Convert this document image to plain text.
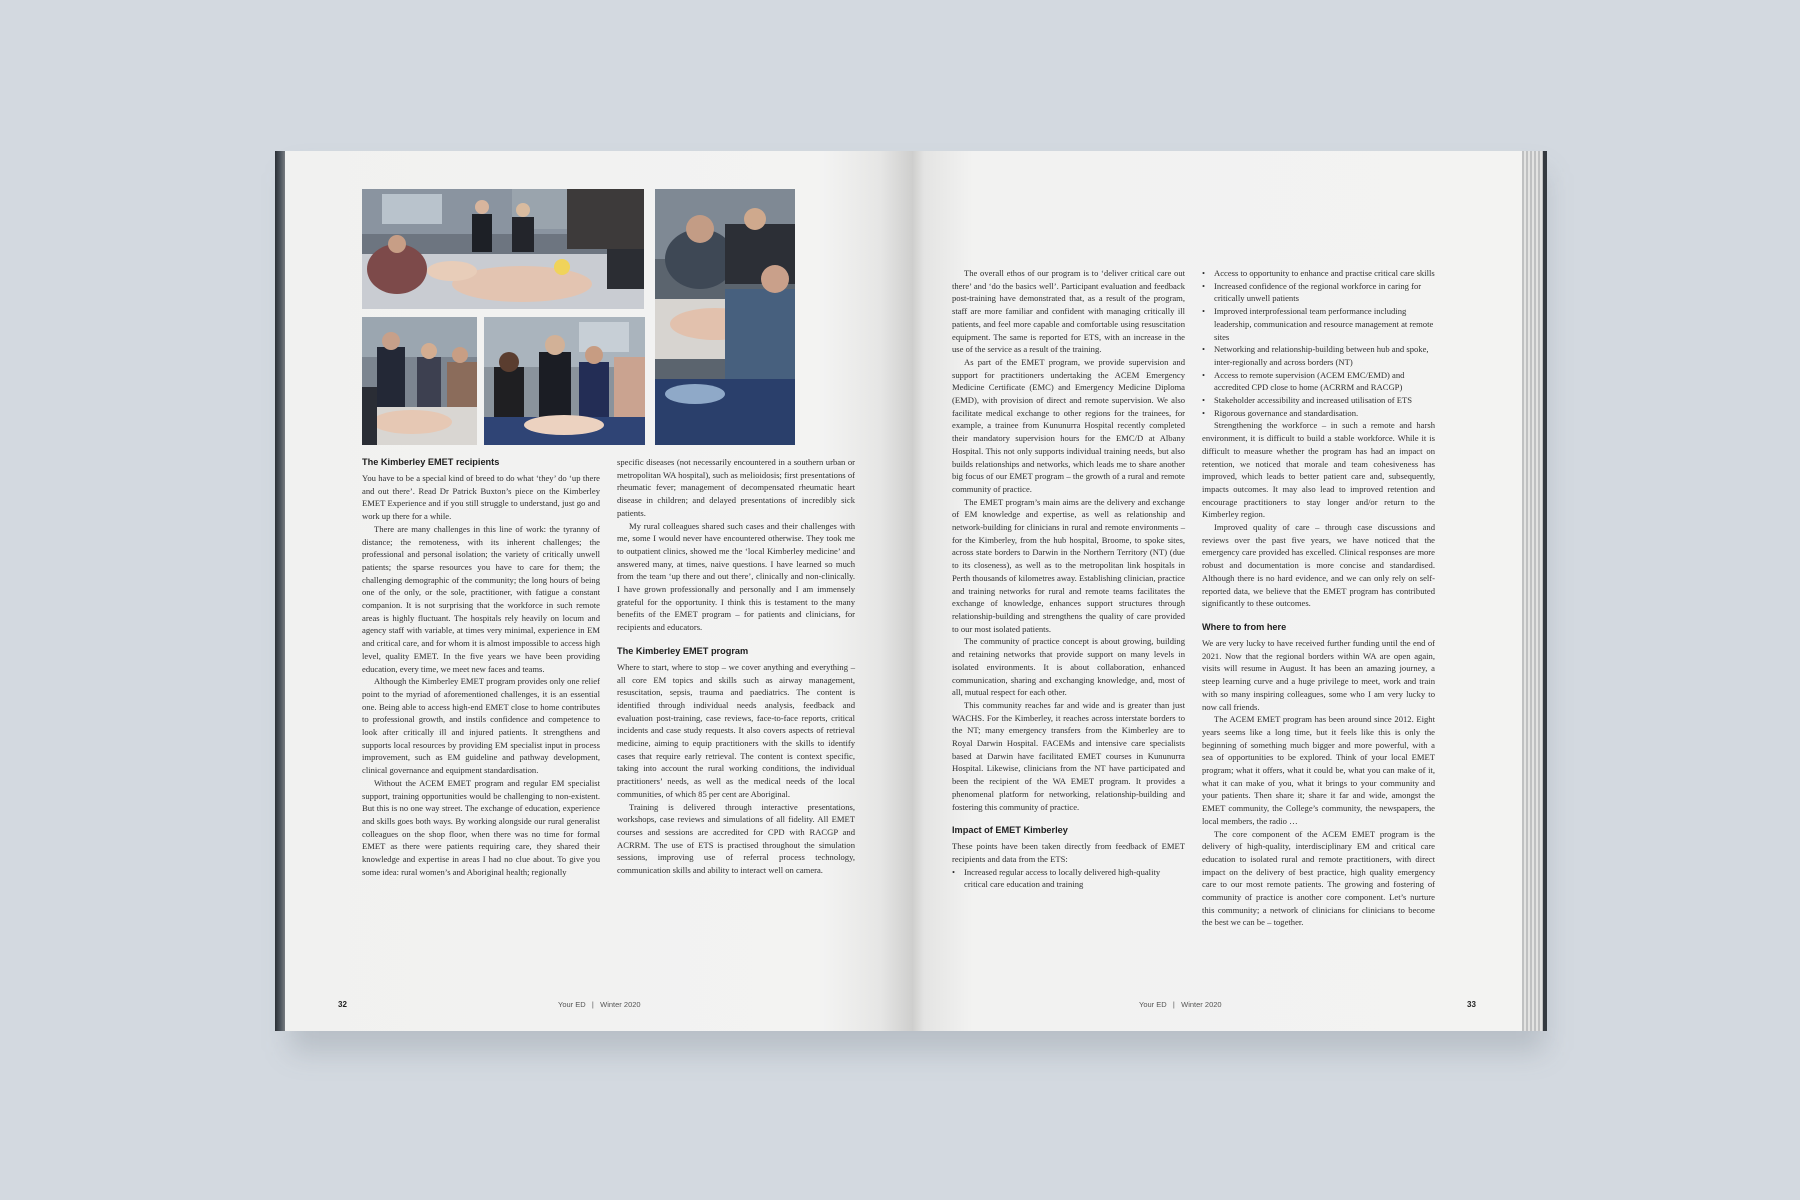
The Kimberley EMET recipients

You have to be a special kind of breed to do what ‘they’ do ‘up there and out there’. Read Dr Patrick Buxton’s piece on the Kimberley EMET Experience and if you still struggle to understand, just go and work up there for a while.

There are many challenges in this line of work: the tyranny of distance; the remoteness, with its inherent challenges; the professional and personal isolation; the variety of critically unwell patients; the sparse resources you have to care for them; the challenging demographic of the community; the long hours of being one of the only, or the sole, practitioner, with fatigue a constant companion. It is not surprising that the workforce in such remote areas is highly fluctuant. The hospitals rely heavily on locum and agency staff with variable, at times very minimal, experience in EM and critical care, and for whom it is almost impossible to access high level, quality EMET. In the five years we have been providing education, every time, we meet new faces and teams.

Although the Kimberley EMET program provides only one relief point to the myriad of aforementioned challenges, it is an essential one. Being able to access high-end EMET close to home contributes to professional growth, and instils confidence and competence to look after critically ill and injured patients. It strengthens and supports local resources by providing EM specialist input in process improvement, such as EM guideline and pathway development, clinical governance and equipment standardisation.

Without the ACEM EMET program and regular EM specialist support, training opportunities would be challenging to non-existent. But this is no one way street. The exchange of education, experience and skills goes both ways. By working alongside our rural generalist colleagues on the shop floor, when there was no time for formal EMET as there were patients requiring care, they shared their knowledge and expertise in areas I had no clue about. To give you some idea: rural women’s and Aboriginal health; regionally

specific diseases (not necessarily encountered in a southern urban or metropolitan WA hospital), such as melioidosis; first presentations of rheumatic fever; management of decompensated rheumatic heart disease in children; and delayed presentations of incredibly sick patients.

My rural colleagues shared such cases and their challenges with me, some I would never have encountered otherwise. They took me to outpatient clinics, showed me the ‘local Kimberley medicine’ and answered many, at times, naive questions. I have learned so much from the team ‘up there and out there’, clinically and non-clinically. I have grown professionally and personally and I am immensely grateful for the opportunity. I think this is testament to the many benefits of the EMET program – for patients and clinicians, for recipients and educators.

The Kimberley EMET program

Where to start, where to stop – we cover anything and everything – all core EM topics and skills such as airway management, resuscitation, sepsis, trauma and paediatrics. The content is identified through individual needs analysis, feedback and evaluation post-training, case reviews, face-to-face reports, critical incidents and case study requests. It also covers aspects of retrieval medicine, aiming to equip practitioners with the skills to identify cases that require early retrieval. The content is context specific, taking into account the rural working conditions, the individual practitioners’ needs, as well as the medical needs of the local communities, of which 85 per cent are Aboriginal.

Training is delivered through interactive presentations, workshops, case reviews and simulations of all fidelity. All EMET courses and sessions are accredited for CPD with RACGP and ACRRM. The use of ETS is practised throughout the simulation sessions, improving use of referral process technology, communication skills and ability to interact well on camera.

32	Your ED | Winter 2020

The overall ethos of our program is to ‘deliver critical care out there’ and ‘do the basics well’. Participant evaluation and feedback post-training have demonstrated that, as a result of the program, staff are more familiar and confident with managing critically ill patients, and feel more capable and comfortable using resuscitation equipment. The same is reported for ETS, with an increase in the use of the service as a result of the training.

As part of the EMET program, we provide supervision and support for practitioners undertaking the ACEM Emergency Medicine Certificate (EMC) and Emergency Medicine Diploma (EMD), with provision of direct and remote supervision. We also facilitate medical exchange to other regions for the trainees, for example, a trainee from Kununurra Hospital recently completed their mandatory supervision hours for the EMC/D at Albany Hospital. This not only supports individual training needs, but also builds relationships and networks, which leads me to share another big focus of our EMET program – the growth of a rural and remote community of practice.

The EMET program’s main aims are the delivery and exchange of EM knowledge and expertise, as well as relationship and network-building for clinicians in rural and remote environments – for the Kimberley, from the hub hospital, Broome, to spoke sites, across state borders to Darwin in the Northern Territory (NT) (due to its closeness), as well as to the metropolitan link hospitals in Perth thousands of kilometres away. Establishing clinician, practice and training networks for rural and remote teams facilitates the exchange of knowledge, enhances support structures through relationship-building and strengthens the quality of care provided to our most isolated patients.

The community of practice concept is about growing, building and retaining networks that provide support on many levels in isolated environments. It is about collaboration, enhanced communication, sharing and exchanging knowledge, and, most of all, mutual respect for each other.

This community reaches far and wide and is greater than just WACHS. For the Kimberley, it reaches across interstate borders to the NT; many emergency transfers from the Kimberley are to Royal Darwin Hospital. FACEMs and intensive care specialists based at Darwin have facilitated EMET courses in Kununurra Hospital. Likewise, clinicians from the NT have participated and been the recipient of the WA EMET program. It provides a phenomenal platform for networking, relationship-building and fostering this community of practice.

Impact of EMET Kimberley

These points have been taken directly from feedback of EMET recipients and data from the ETS:

• Increased regular access to locally delivered high-quality critical care education and training
• Access to opportunity to enhance and practise critical care skills
• Increased confidence of the regional workforce in caring for critically unwell patients
• Improved interprofessional team performance including leadership, communication and resource management at remote sites
• Networking and relationship-building between hub and spoke, inter-regionally and across borders (NT)
• Access to remote supervision (ACEM EMC/EMD) and accredited CPD close to home (ACRRM and RACGP)
• Stakeholder accessibility and increased utilisation of ETS
• Rigorous governance and standardisation.

Strengthening the workforce – in such a remote and harsh environment, it is difficult to build a stable workforce. While it is difficult to measure whether the program has had an impact on retention, we noticed that morale and team cohesiveness has improved, which leads to better patient care and, subsequently, impacts outcomes. It may also lead to improved retention and encourage practitioners to stay longer and/or return to the Kimberley region.

Improved quality of care – through case discussions and reviews over the past five years, we have noticed that the emergency care provided has excelled. Clinical responses are more robust and documentation is more concise and standardised. Although there is no hard evidence, and we can only rely on self-reported data, we believe that the EMET program has contributed significantly to these outcomes.

Where to from here

We are very lucky to have received further funding until the end of 2021. Now that the regional borders within WA are open again, visits will resume in August. It has been an amazing journey, a steep learning curve and a huge privilege to meet, work and train with so many inspiring colleagues, some who I am very lucky to now call friends.

The ACEM EMET program has been around since 2012. Eight years seems like a long time, but it feels like this is only the beginning of something much bigger and more powerful, with a sea of opportunities to be explored. Think of your local EMET program; what it offers, what it could be, what you can make of it, what it can make of you, what it brings to your community and your patients. Then share it; share it far and wide, amongst the EMET community, the College’s community, the newspapers, the local members, the radio …

The core component of the ACEM EMET program is the delivery of high-quality, interdisciplinary EM and critical care education to isolated rural and remote practitioners, with direct impact on the delivery of best practice, high quality emergency care to our most remote patients. The growing and fostering of community of practice is another core component. Let’s nurture this community; a network of clinicians for clinicians to become the best we can be – together.

Your ED | Winter 2020	33
